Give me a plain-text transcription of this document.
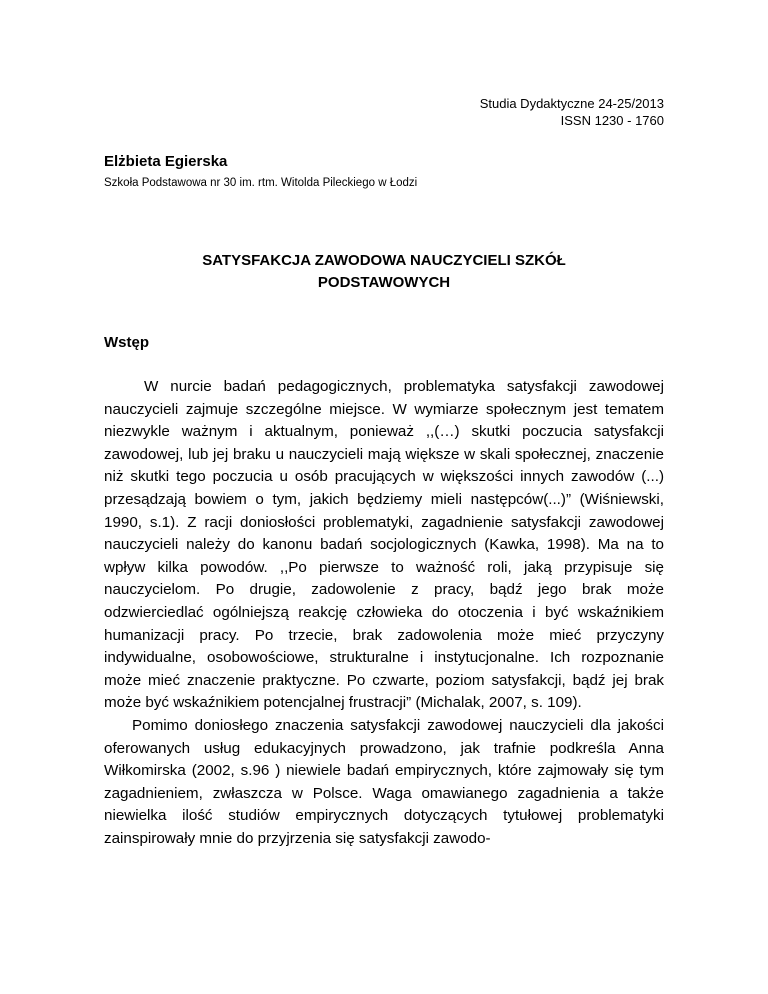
Studia Dydaktyczne 24-25/2013
ISSN 1230 - 1760
Elżbieta Egierska
Szkoła Podstawowa nr 30 im. rtm. Witolda Pileckiego w Łodzi
SATYSFAKCJA ZAWODOWA NAUCZYCIELI SZKÓŁ
PODSTAWOWYCH
Wstęp

W nurcie badań pedagogicznych, problematyka satysfakcji zawodowej nauczycieli zajmuje szczególne miejsce. W wymiarze społecznym jest tematem niezwykle ważnym i aktualnym, ponieważ ,,(…) skutki poczucia satysfakcji zawodowej, lub jej braku u nauczycieli mają większe w skali społecznej, znaczenie niż skutki tego poczucia u osób pracujących w większości innych zawodów (...) przesądzają bowiem o tym, jakich będziemy mieli następców(...)” (Wiśniewski, 1990, s.1). Z racji doniosłości problematyki, zagadnienie satysfakcji zawodowej nauczycieli należy do kanonu badań socjologicznych (Kawka, 1998). Ma na to wpływ kilka powodów. ,,Po pierwsze to ważność roli, jaką przypisuje się nauczycielom. Po drugie, zadowolenie z pracy, bądź jego brak może odzwierciedlać ogólniejszą reakcję człowieka do otoczenia i być wskaźnikiem humanizacji pracy. Po trzecie, brak zadowolenia może mieć przyczyny indywidualne, osobowościowe, strukturalne i instytucjonalne. Ich rozpoznanie może mieć znaczenie praktyczne. Po czwarte, poziom satysfakcji, bądź jej brak może być wskaźnikiem potencjalnej frustracji” (Michalak, 2007, s. 109).

Pomimo doniosłego znaczenia satysfakcji zawodowej nauczycieli dla jakości oferowanych usług edukacyjnych prowadzono, jak trafnie podkreśla Anna Wiłkomirska (2002, s.96 ) niewiele badań empirycznych, które zajmowały się tym zagadnieniem, zwłaszcza w Polsce. Waga omawianego zagadnienia a także niewielka ilość studiów empirycznych dotyczących tytułowej problematyki zainspirowały mnie do przyjrzenia się satysfakcji zawodo-
